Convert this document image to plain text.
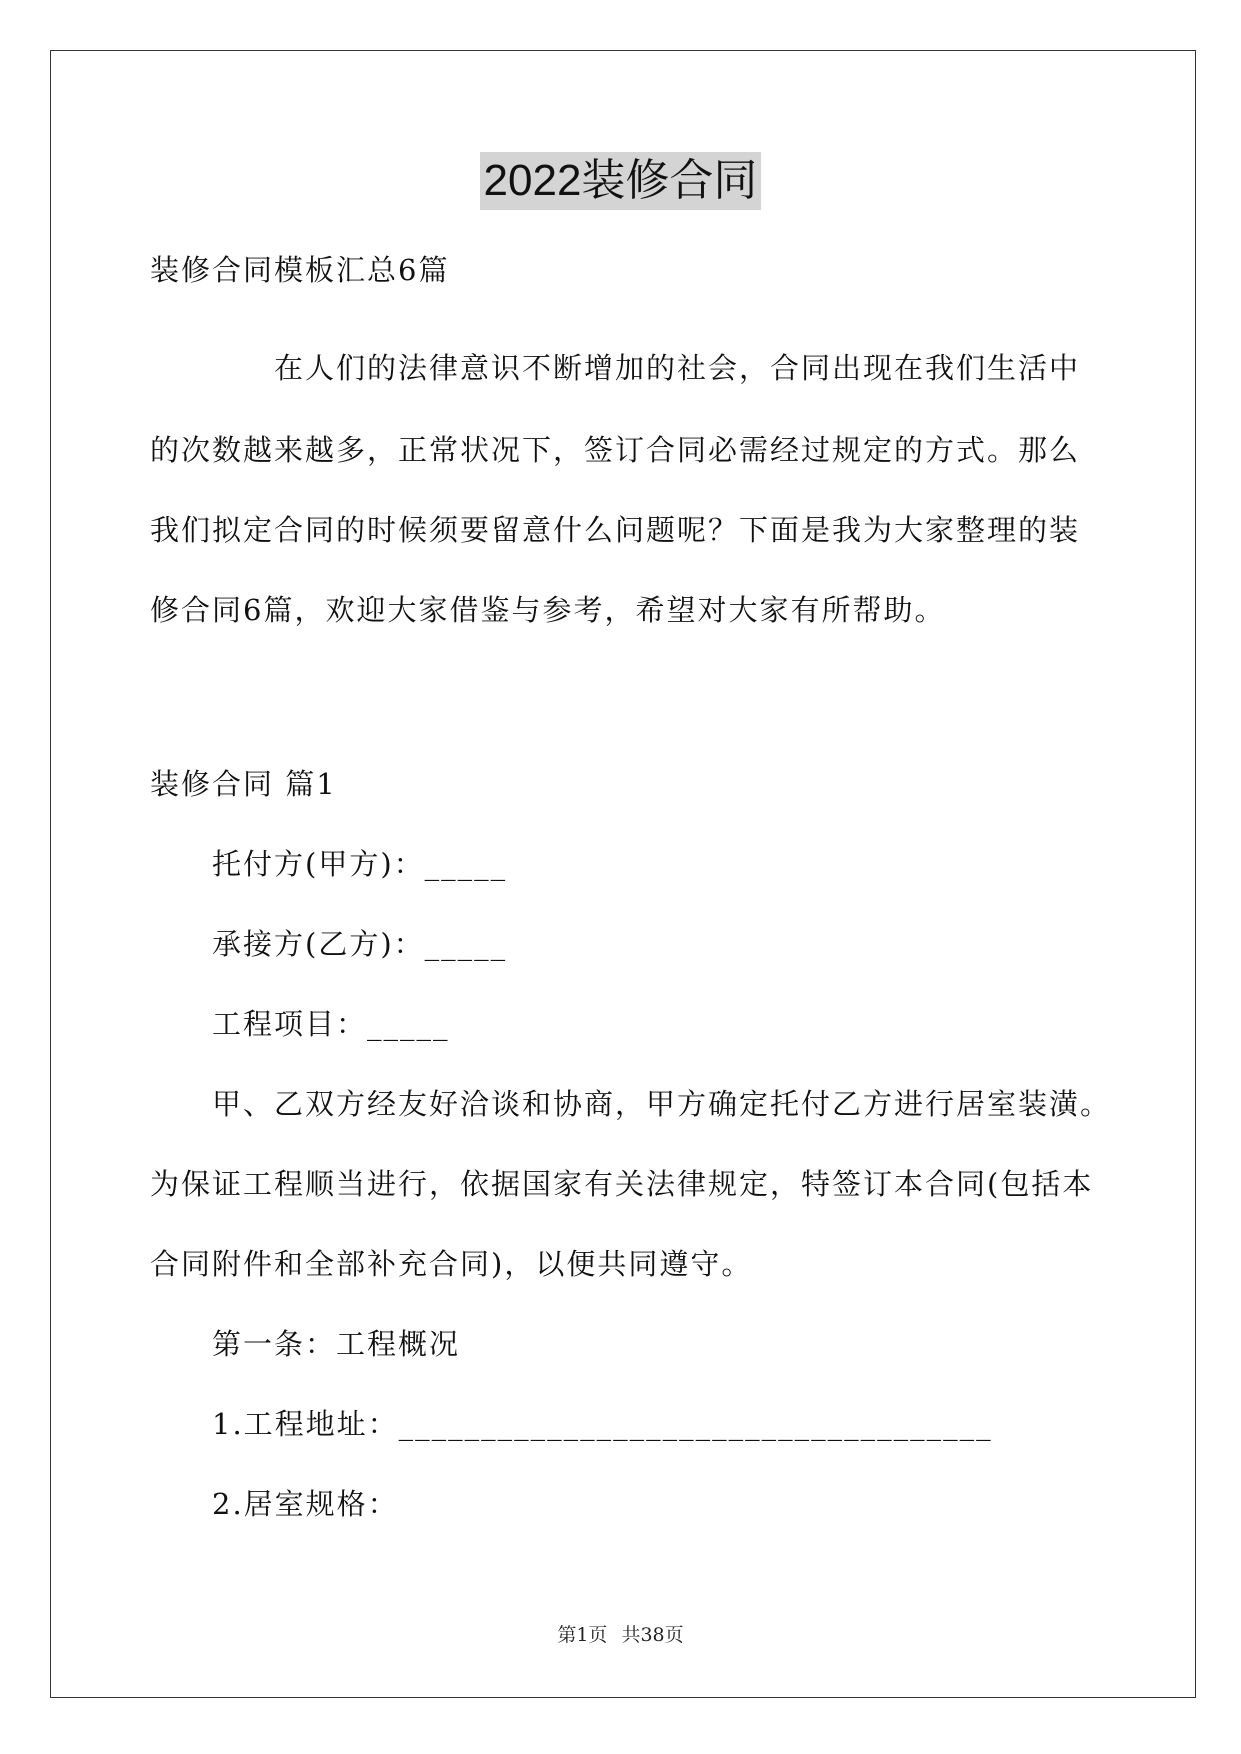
2022装修合同
装修合同模板汇总6篇
在人们的法律意识不断增加的社会，合同出现在我们生活中
的次数越来越多，正常状况下，签订合同必需经过规定的方式。那么
我们拟定合同的时候须要留意什么问题呢？下面是我为大家整理的装
修合同6篇，欢迎大家借鉴与参考，希望对大家有所帮助。
装修合同 篇1
托付方(甲方)：_____
承接方(乙方)：_____
工程项目：_____
甲、乙双方经友好洽谈和协商，甲方确定托付乙方进行居室装潢。
为保证工程顺当进行，依据国家有关法律规定，特签订本合同(包括本
合同附件和全部补充合同)，以便共同遵守。
第一条：工程概况
1.工程地址：____________________________________
2.居室规格：
第1页 共38页
